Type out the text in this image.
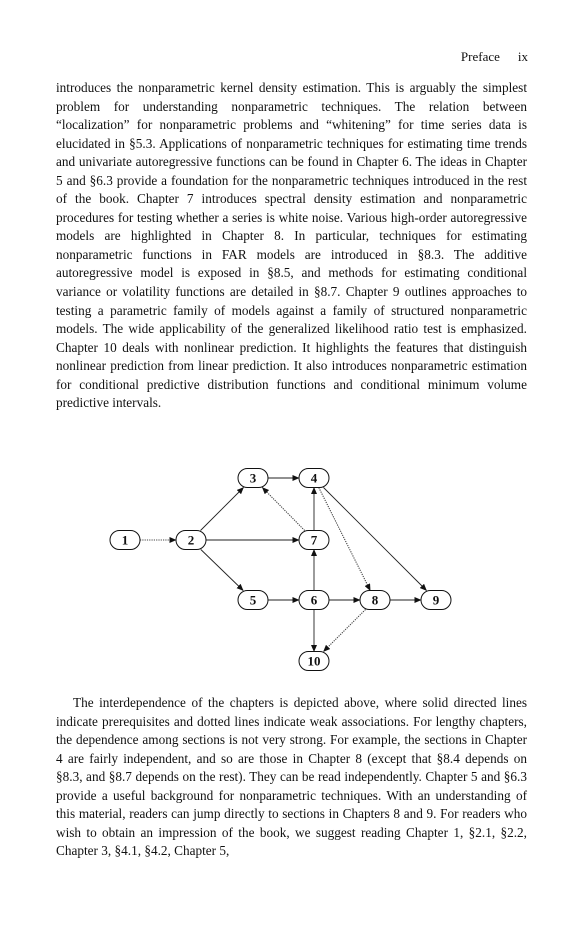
Preface ix

introduces the nonparametric kernel density estimation. This is arguably the simplest problem for understanding nonparametric techniques. The relation between “localization” for nonparametric problems and “whitening” for time series data is elucidated in §5.3. Applications of nonparametric techniques for estimating time trends and univariate autoregressive functions can be found in Chapter 6. The ideas in Chapter 5 and §6.3 provide a foundation for the nonparametric techniques introduced in the rest of the book. Chapter 7 introduces spectral density estimation and nonparametric procedures for testing whether a series is white noise. Various high-order autoregressive models are highlighted in Chapter 8. In particular, techniques for estimating nonparametric functions in FAR models are introduced in §8.3. The additive autoregressive model is exposed in §8.5, and methods for estimating conditional variance or volatility functions are detailed in §8.7. Chapter 9 outlines approaches to testing a parametric family of models against a family of structured nonparametric models. The wide applicability of the generalized likelihood ratio test is emphasized. Chapter 10 deals with nonlinear prediction. It highlights the features that distinguish nonlinear prediction from linear prediction. It also introduces nonparametric estimation for conditional predictive distribution functions and conditional minimum volume predictive intervals.

1	2
3	4
5	6
7
8	9
10

The interdependence of the chapters is depicted above, where solid directed lines indicate prerequisites and dotted lines indicate weak associations. For lengthy chapters, the dependence among sections is not very strong. For example, the sections in Chapter 4 are fairly independent, and so are those in Chapter 8 (except that §8.4 depends on §8.3, and §8.7 depends on the rest). They can be read independently. Chapter 5 and §6.3 provide a useful background for nonparametric techniques. With an understanding of this material, readers can jump directly to sections in Chapters 8 and 9. For readers who wish to obtain an impression of the book, we suggest reading Chapter 1, §2.1, §2.2, Chapter 3, §4.1, §4.2, Chapter 5,
